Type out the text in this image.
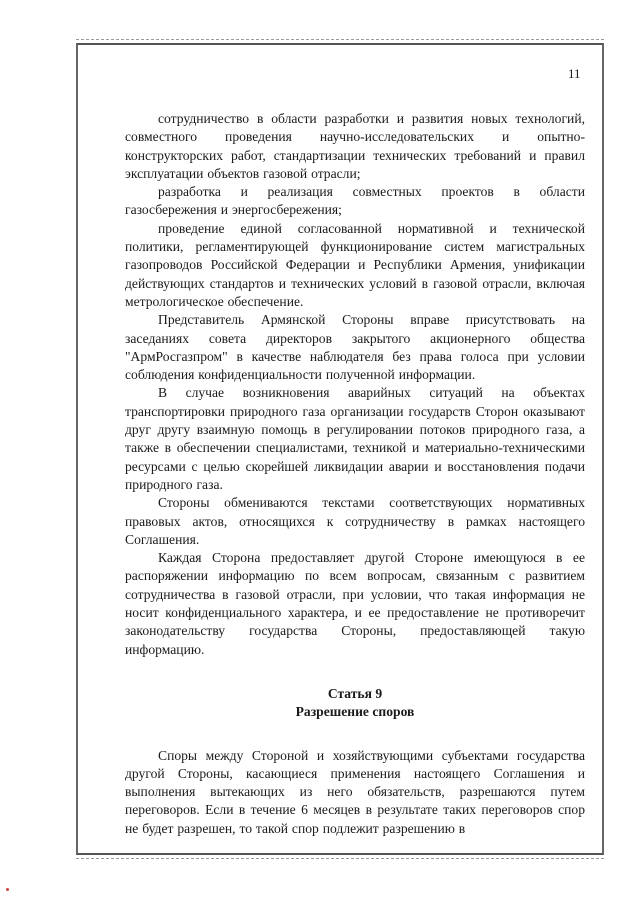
11

сотрудничество в области разработки и развития новых технологий, совместного проведения научно-исследовательских и опытно-конструкторских работ, стандартизации технических требований и правил эксплуатации объектов газовой отрасли;

разработка и реализация совместных проектов в области газосбережения и энергосбережения;

проведение единой согласованной нормативной и технической политики, регламентирующей функционирование систем магистральных газопроводов Российской Федерации и Республики Армения, унификации действующих стандартов и технических условий в газовой отрасли, включая метрологическое обеспечение.

Представитель Армянской Стороны вправе присутствовать на заседаниях совета директоров закрытого акционерного общества "АрмРосгазпром" в качестве наблюдателя без права голоса при условии соблюдения конфиденциальности полученной информации.

В случае возникновения аварийных ситуаций на объектах транспортировки природного газа организации государств Сторон оказывают друг другу взаимную помощь в регулировании потоков природного газа, а также в обеспечении специалистами, техникой и материально-техническими ресурсами с целью скорейшей ликвидации аварии и восстановления подачи природного газа.

Стороны обмениваются текстами соответствующих нормативных правовых актов, относящихся к сотрудничеству в рамках настоящего Соглашения.

Каждая Сторона предоставляет другой Стороне имеющуюся в ее распоряжении информацию по всем вопросам, связанным с развитием сотрудничества в газовой отрасли, при условии, что такая информация не носит конфиденциального характера, и ее предоставление не противоречит законодательству государства Стороны, предоставляющей такую информацию.

Статья 9
Разрешение споров

Споры между Стороной и хозяйствующими субъектами государства другой Стороны, касающиеся применения настоящего Соглашения и выполнения вытекающих из него обязательств, разрешаются путем переговоров. Если в течение 6 месяцев в результате таких переговоров спор не будет разрешен, то такой спор подлежит разрешению в
